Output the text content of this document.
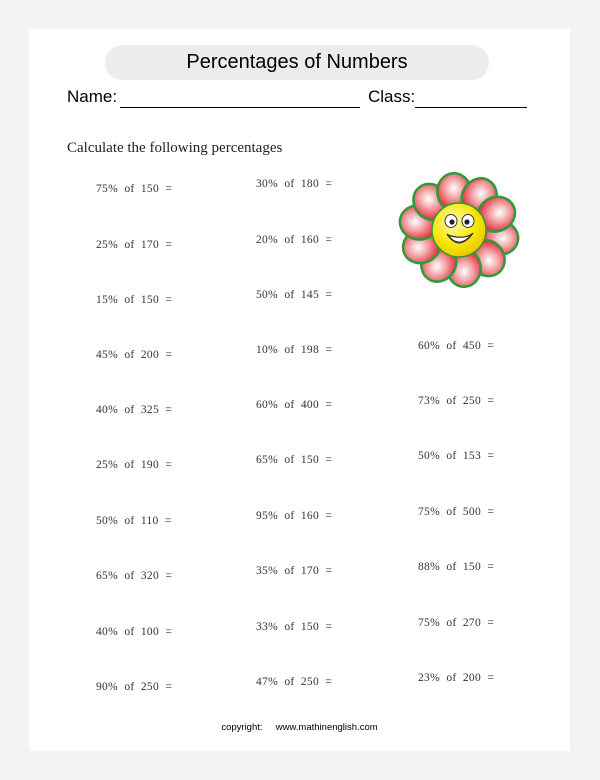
Percentages of Numbers
Name:	Class:
Calculate the following percentages
75%  of  150  =
25%  of  170  =
15%  of  150  =
45%  of  200  =
40%  of  325  =
25%  of  190  =
50%  of  110  =
65%  of  320  =
40%  of  100  =
90%  of  250  =
30%  of  180  =
20%  of  160  =
50%  of  145  =
10%  of  198  =
60%  of  400  =
65%  of  150  =
95%  of  160  =
35%  of  170  =
33%  of  150  =
47%  of  250  =
60%  of  450  =
73%  of  250  =
50%  of  153  =
75%  of  500  =
88%  of  150  =
75%  of  270  =
23%  of  200  =
copyright: www.mathinenglish.com
